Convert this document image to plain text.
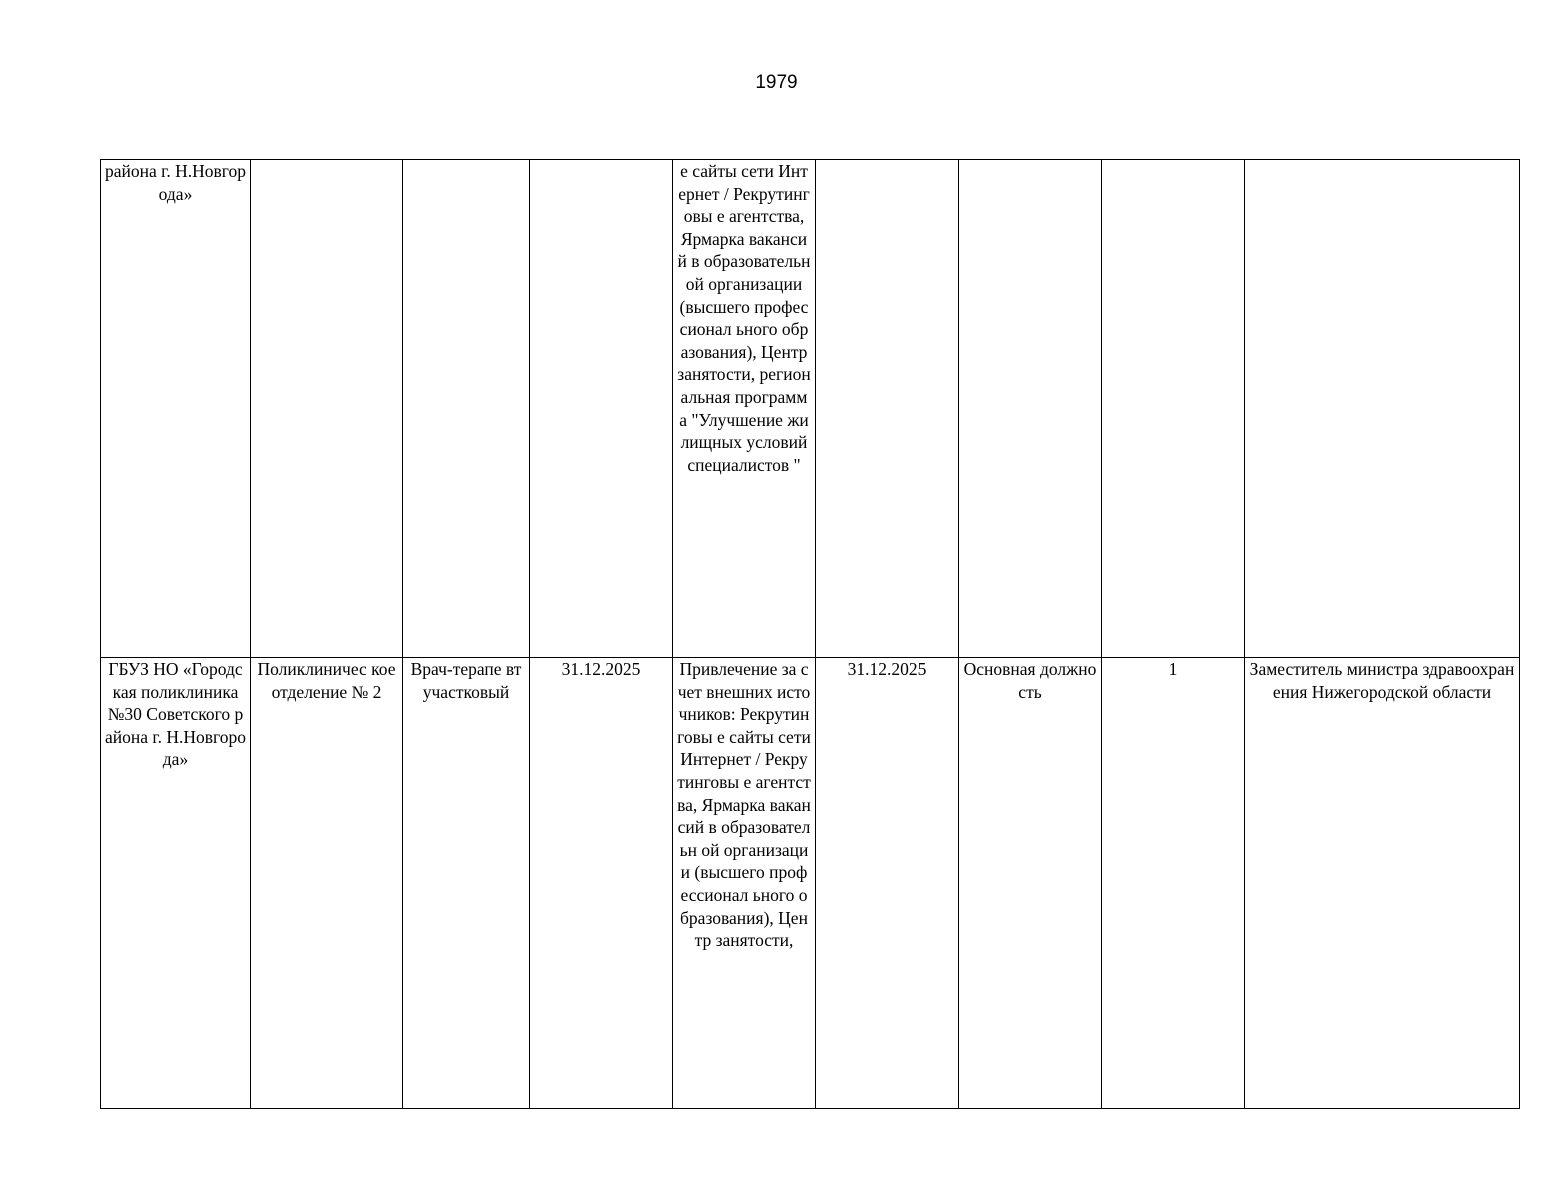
1979
района г. Н.Новгорода»				е сайты сети Интернет / Рекрутинговы е агентства, Ярмарка вакансий в образовательн ой организации (высшего профессионал ьного образования), Центр занятости, региональная программа "Улучшение жилищных условий специалистов "				

ГБУЗ НО «Городская поликлиника №30 Советского района г. Н.Новгорода»	Поликлиничес кое отделение № 2	Врач-терапе вт участковый	31.12.2025	Привлечение за счет внешних источников: Рекрутинговы е сайты сети Интернет / Рекрутинговы е агентства, Ярмарка вакансий в образовательн ой организации (высшего профессионал ьного образования), Центр занятости,	31.12.2025	Основная должность	1	Заместитель министра здравоохранения Нижегородской области
